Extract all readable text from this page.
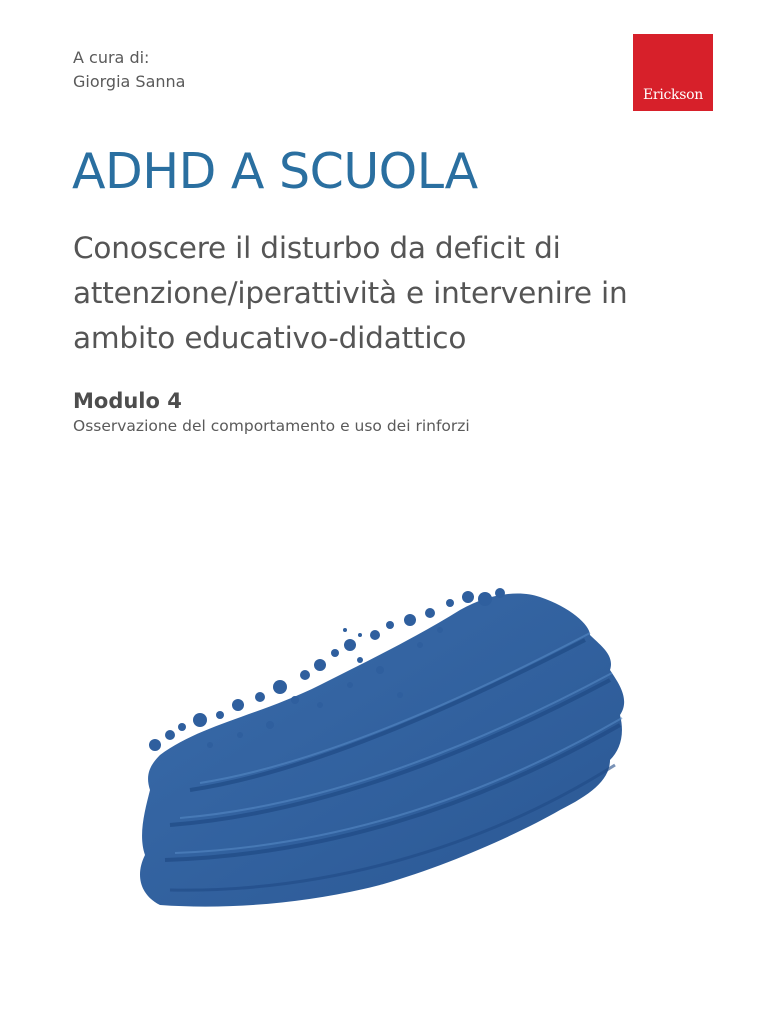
A cura di:
Giorgia Sanna
Erickson
ADHD A SCUOLA
Conoscere il disturbo da deficit di
attenzione/iperattività e intervenire in
ambito educativo-didattico
Modulo 4
Osservazione del comportamento e uso dei rinforzi
